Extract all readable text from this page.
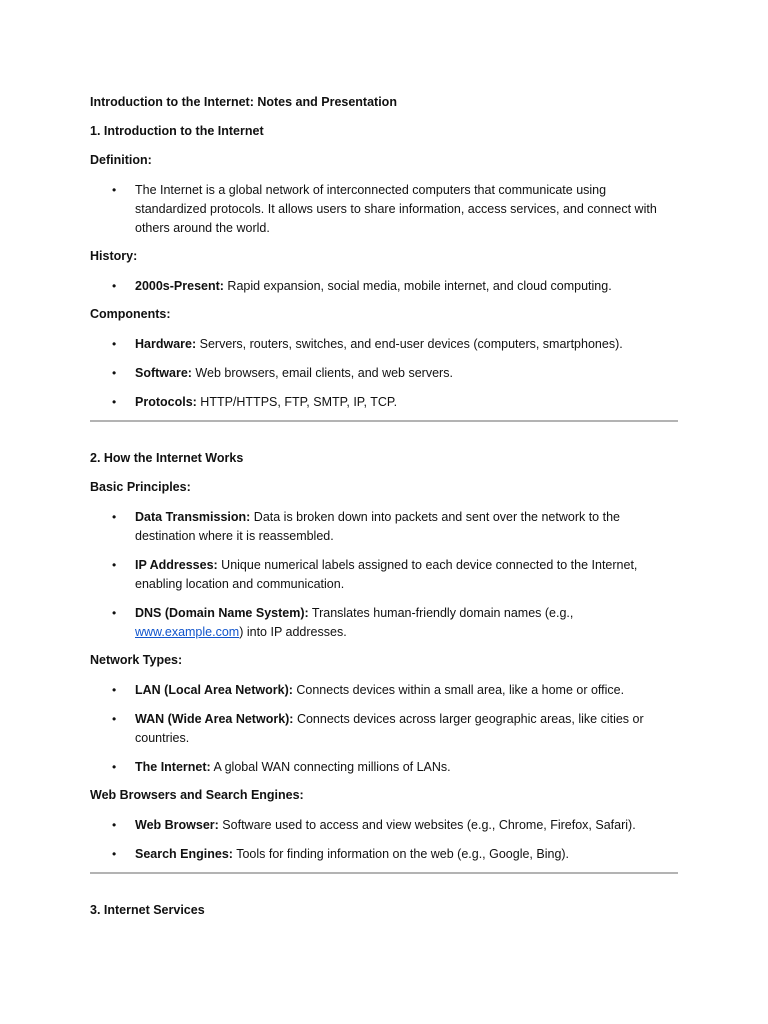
Introduction to the Internet: Notes and Presentation

1. Introduction to the Internet

Definition:

• The Internet is a global network of interconnected computers that communicate using standardized protocols. It allows users to share information, access services, and connect with others around the world.

History:

• 2000s-Present: Rapid expansion, social media, mobile internet, and cloud computing.

Components:

• Hardware: Servers, routers, switches, and end-user devices (computers, smartphones).
• Software: Web browsers, email clients, and web servers.
• Protocols: HTTP/HTTPS, FTP, SMTP, IP, TCP.

2. How the Internet Works

Basic Principles:

• Data Transmission: Data is broken down into packets and sent over the network to the destination where it is reassembled.
• IP Addresses: Unique numerical labels assigned to each device connected to the Internet, enabling location and communication.
• DNS (Domain Name System): Translates human-friendly domain names (e.g., www.example.com) into IP addresses.

Network Types:

• LAN (Local Area Network): Connects devices within a small area, like a home or office.
• WAN (Wide Area Network): Connects devices across larger geographic areas, like cities or countries.
• The Internet: A global WAN connecting millions of LANs.

Web Browsers and Search Engines:

• Web Browser: Software used to access and view websites (e.g., Chrome, Firefox, Safari).
• Search Engines: Tools for finding information on the web (e.g., Google, Bing).

3. Internet Services
